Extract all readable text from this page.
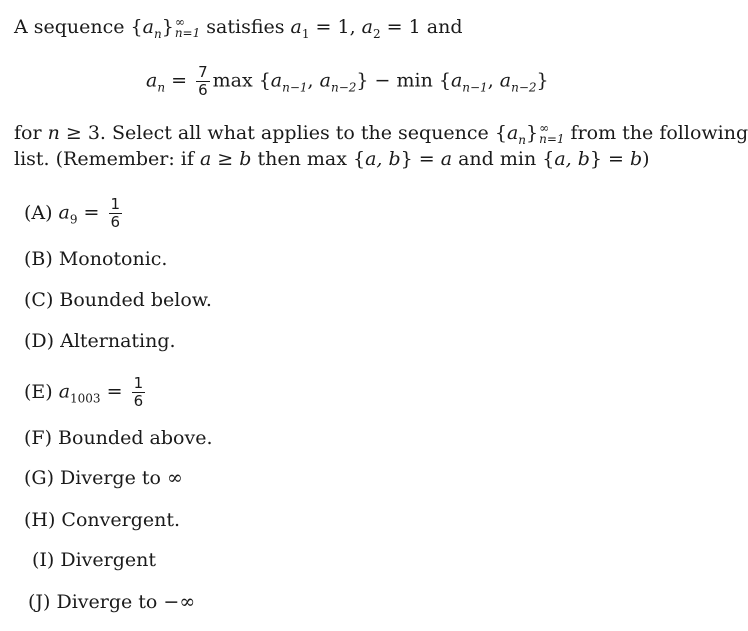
A sequence $\{a_n\}$ ∞
n=1 satisfies $a_1 = 1$, $a_2 = 1$ and
$a_n = \frac{7}{6}$ $\max \{a_{n-1}$, $a_{n-2}\} - \min \{a_{n-1}$, $a_{n-2}$}
for n ≥ 3. Select all what applies to the sequence $\{a_n\}$ ∞
n=1 from the following
list. (Remember: if a ≥ b then max {a, b} = a and min {a, b} = b)
(A) $a_9 = \frac{1}{6}$
(B) Monotonic.
(C) Bounded below.
(D) Alternating.
(E) $a_{1003} = \frac{1}{6}$
(F) Bounded above.
(G) Diverge to ∞
(H) Convergent.
(I) Divergent
(J) Diverge to −∞
